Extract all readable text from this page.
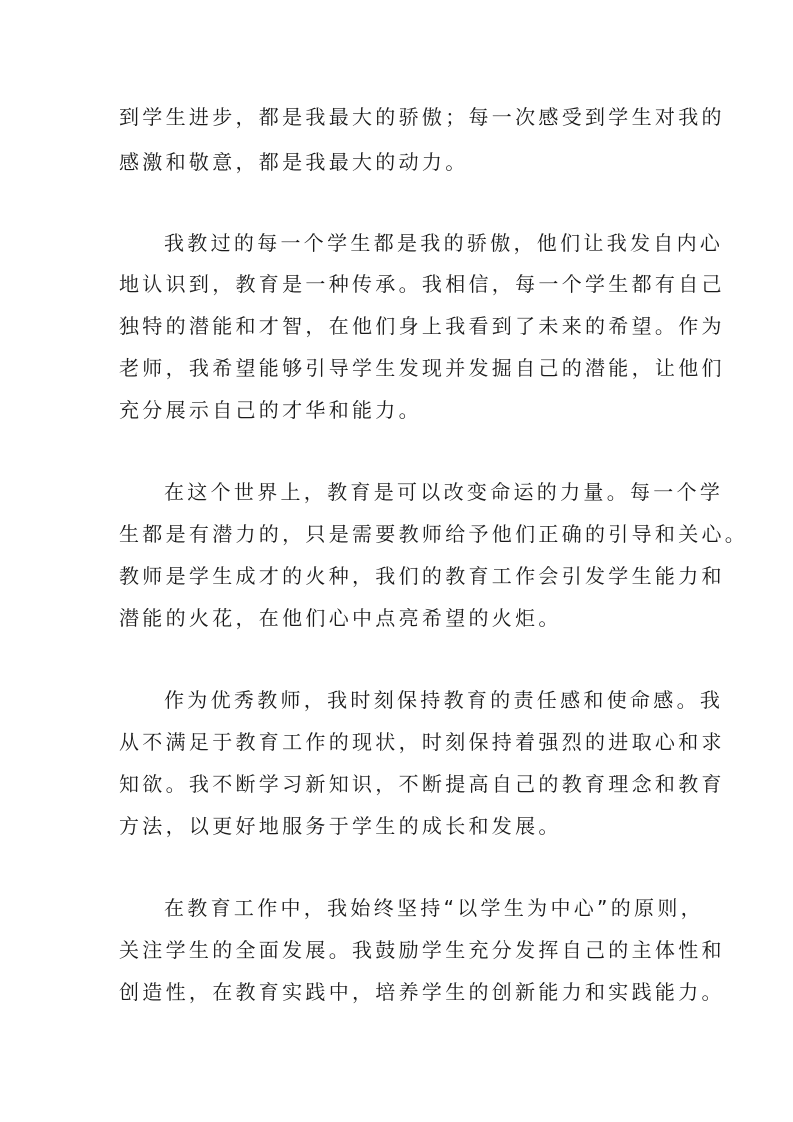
到学生进步，都是我最大的骄傲；每一次感受到学生对我的

感激和敬意，都是我最大的动力。

我教过的每一个学生都是我的骄傲，他们让我发自内心

地认识到，教育是一种传承。我相信，每一个学生都有自己

独特的潜能和才智，在他们身上我看到了未来的希望。作为

老师，我希望能够引导学生发现并发掘自己的潜能，让他们

充分展示自己的才华和能力。

在这个世界上，教育是可以改变命运的力量。每一个学

生都是有潜力的，只是需要教师给予他们正确的引导和关心。

教师是学生成才的火种，我们的教育工作会引发学生能力和

潜能的火花，在他们心中点亮希望的火炬。

作为优秀教师，我时刻保持教育的责任感和使命感。我

从不满足于教育工作的现状，时刻保持着强烈的进取心和求

知欲。我不断学习新知识，不断提高自己的教育理念和教育

方法，以更好地服务于学生的成长和发展。

在教育工作中，我始终坚持“以学生为中心”的原则，

关注学生的全面发展。我鼓励学生充分发挥自己的主体性和

创造性，在教育实践中，培养学生的创新能力和实践能力。
